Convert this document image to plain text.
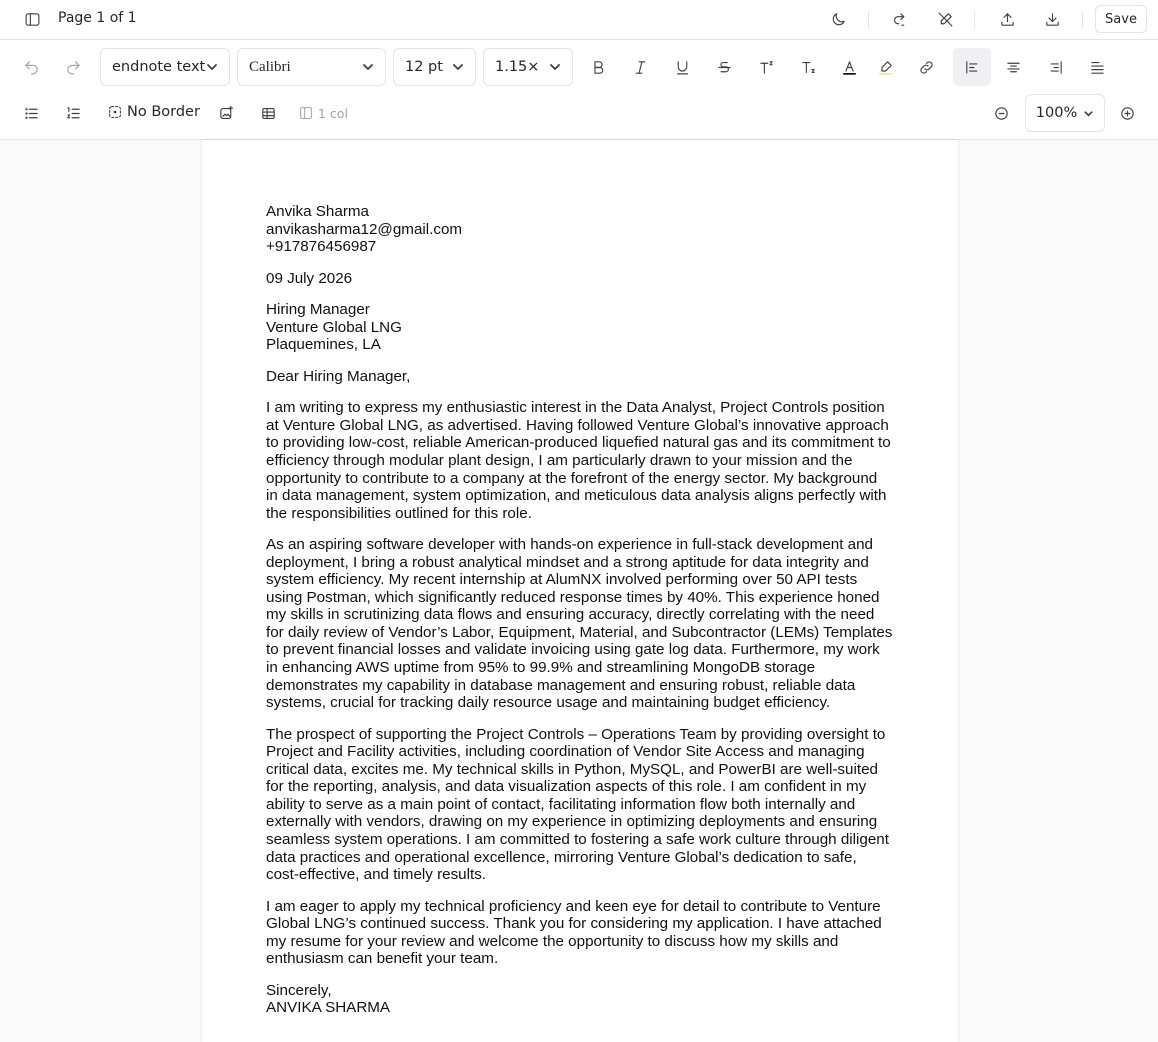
Page 1 of 1	Save
endnote text	Calibri	12 pt	1.15×
No Border	1 col	100%

Anvika Sharma
anvikasharma12@gmail.com
+917876456987

09 July 2026

Hiring Manager
Venture Global LNG
Plaquemines, LA

Dear Hiring Manager,

I am writing to express my enthusiastic interest in the Data Analyst, Project Controls position
at Venture Global LNG, as advertised. Having followed Venture Global’s innovative approach
to providing low-cost, reliable American-produced liquefied natural gas and its commitment to
efficiency through modular plant design, I am particularly drawn to your mission and the
opportunity to contribute to a company at the forefront of the energy sector. My background
in data management, system optimization, and meticulous data analysis aligns perfectly with
the responsibilities outlined for this role.

As an aspiring software developer with hands-on experience in full-stack development and
deployment, I bring a robust analytical mindset and a strong aptitude for data integrity and
system efficiency. My recent internship at AlumNX involved performing over 50 API tests
using Postman, which significantly reduced response times by 40%. This experience honed
my skills in scrutinizing data flows and ensuring accuracy, directly correlating with the need
for daily review of Vendor’s Labor, Equipment, Material, and Subcontractor (LEMs) Templates
to prevent financial losses and validate invoicing using gate log data. Furthermore, my work
in enhancing AWS uptime from 95% to 99.9% and streamlining MongoDB storage
demonstrates my capability in database management and ensuring robust, reliable data
systems, crucial for tracking daily resource usage and maintaining budget efficiency.

The prospect of supporting the Project Controls – Operations Team by providing oversight to
Project and Facility activities, including coordination of Vendor Site Access and managing
critical data, excites me. My technical skills in Python, MySQL, and PowerBI are well-suited
for the reporting, analysis, and data visualization aspects of this role. I am confident in my
ability to serve as a main point of contact, facilitating information flow both internally and
externally with vendors, drawing on my experience in optimizing deployments and ensuring
seamless system operations. I am committed to fostering a safe work culture through diligent
data practices and operational excellence, mirroring Venture Global’s dedication to safe,
cost-effective, and timely results.

I am eager to apply my technical proficiency and keen eye for detail to contribute to Venture
Global LNG’s continued success. Thank you for considering my application. I have attached
my resume for your review and welcome the opportunity to discuss how my skills and
enthusiasm can benefit your team.

Sincerely,
ANVIKA SHARMA
